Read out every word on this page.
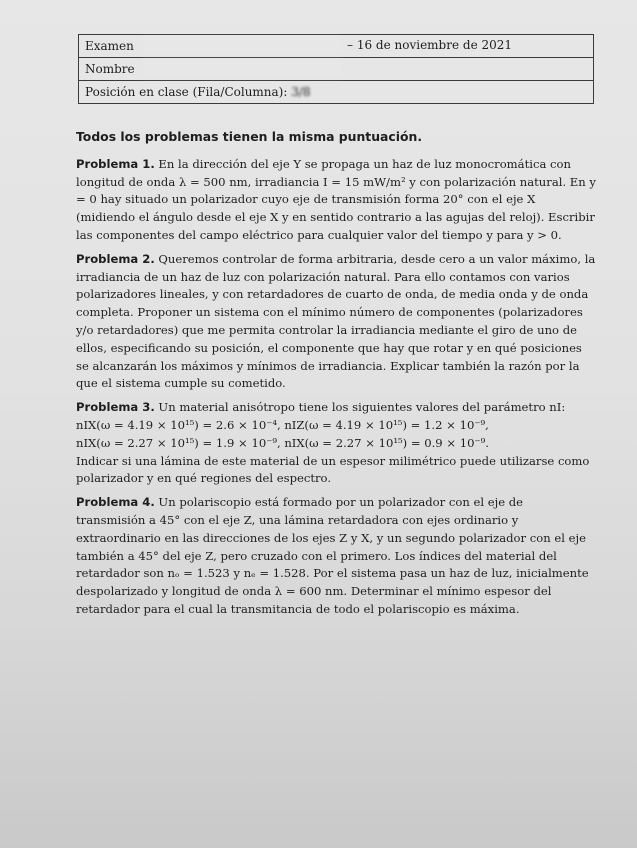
Examen	– 16 de noviembre de 2021

Nombre
Posición en clase (Fila/Columna): 3/8

Todos los problemas tienen la misma puntuación.

Problema 1. En la dirección del eje Y se propaga un haz de luz monocromática con longitud de onda λ = 500 nm, irradiancia I = 15 mW/m² y con polarización natural. En y = 0 hay situado un polarizador cuyo eje de transmisión forma 20° con el eje X (midiendo el ángulo desde el eje X y en sentido contrario a las agujas del reloj). Escribir las componentes del campo eléctrico para cualquier valor del tiempo y para y > 0.

Problema 2. Queremos controlar de forma arbitraria, desde cero a un valor máximo, la irradiancia de un haz de luz con polarización natural. Para ello contamos con varios polarizadores lineales, y con retardadores de cuarto de onda, de media onda y de onda completa. Proponer un sistema con el mínimo número de componentes (polarizadores y/o retardadores) que me permita controlar la irradiancia mediante el giro de uno de ellos, especificando su posición, el componente que hay que rotar y en qué posiciones se alcanzarán los máximos y mínimos de irradiancia. Explicar también la razón por la que el sistema cumple su cometido.

Problema 3. Un material anisótropo tiene los siguientes valores del parámetro nI:
nIX(ω = 4.19 × 10¹⁵) = 2.6 × 10⁻⁴, nIZ(ω = 4.19 × 10¹⁵) = 1.2 × 10⁻⁹,
nIX(ω = 2.27 × 10¹⁵) = 1.9 × 10⁻⁹, nIX(ω = 2.27 × 10¹⁵) = 0.9 × 10⁻⁹.
Indicar si una lámina de este material de un espesor milimétrico puede utilizarse como polarizador y en qué regiones del espectro.

Problema 4. Un polariscopio está formado por un polarizador con el eje de transmisión a 45° con el eje Z, una lámina retardadora con ejes ordinario y extraordinario en las direcciones de los ejes Z y X, y un segundo polarizador con el eje también a 45° del eje Z, pero cruzado con el primero. Los índices del material del retardador son nₒ = 1.523 y nₑ = 1.528. Por el sistema pasa un haz de luz, inicialmente despolarizado y longitud de onda λ = 600 nm. Determinar el mínimo espesor del retardador para el cual la transmitancia de todo el polariscopio es máxima.
